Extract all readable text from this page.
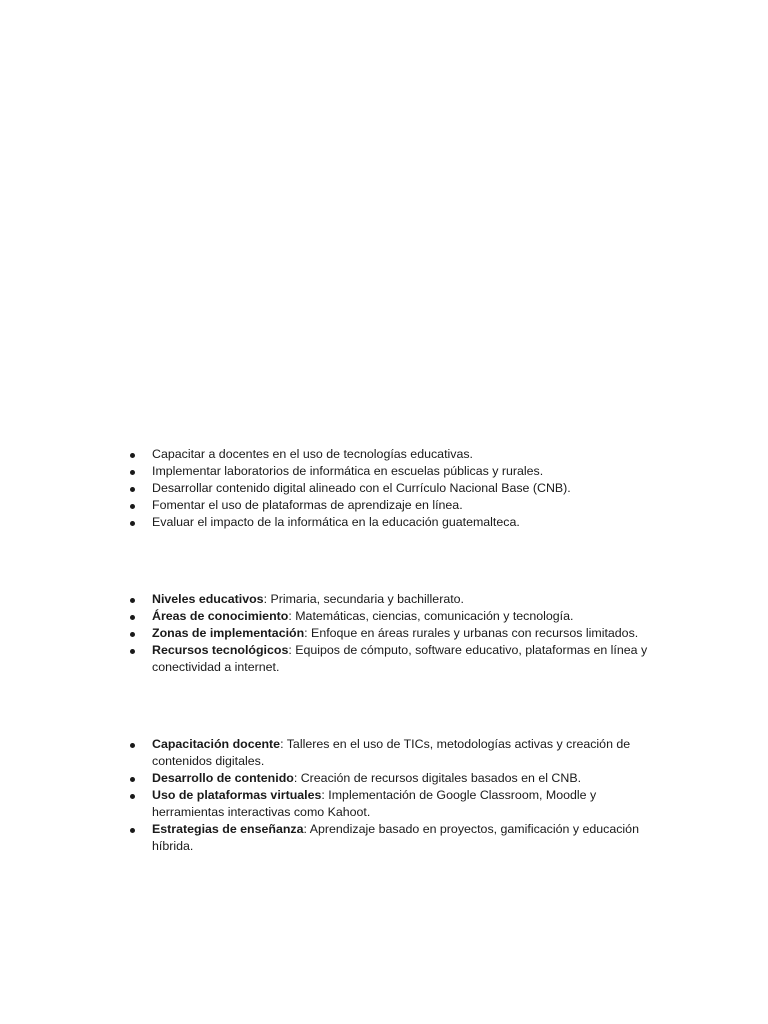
Capacitar a docentes en el uso de tecnologías educativas.
Implementar laboratorios de informática en escuelas públicas y rurales.
Desarrollar contenido digital alineado con el Currículo Nacional Base (CNB).
Fomentar el uso de plataformas de aprendizaje en línea.
Evaluar el impacto de la informática en la educación guatemalteca.
Niveles educativos: Primaria, secundaria y bachillerato.
Áreas de conocimiento: Matemáticas, ciencias, comunicación y tecnología.
Zonas de implementación: Enfoque en áreas rurales y urbanas con recursos limitados.
Recursos tecnológicos: Equipos de cómputo, software educativo, plataformas en línea y conectividad a internet.
Capacitación docente: Talleres en el uso de TICs, metodologías activas y creación de contenidos digitales.
Desarrollo de contenido: Creación de recursos digitales basados en el CNB.
Uso de plataformas virtuales: Implementación de Google Classroom, Moodle y herramientas interactivas como Kahoot.
Estrategias de enseñanza: Aprendizaje basado en proyectos, gamificación y educación híbrida.
